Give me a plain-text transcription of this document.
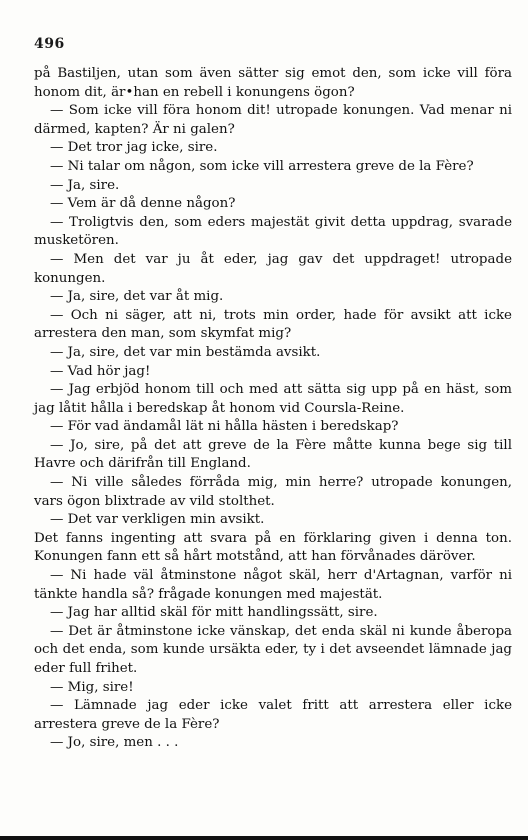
496

på Bastiljen, utan som även sätter sig emot den, som icke vill föra honom dit, är•han en rebell i konungens ögon?

— Som icke vill föra honom dit! utropade konungen. Vad menar ni därmed, kapten? Är ni galen?

— Det tror jag icke, sire.

— Ni talar om någon, som icke vill arrestera greve de la Fère?

— Ja, sire.

— Vem är då denne någon?

— Troligtvis den, som eders majestät givit detta uppdrag, svarade musketören.

— Men det var ju åt eder, jag gav det uppdraget! utropade konungen.

— Ja, sire, det var åt mig.

— Och ni säger, att ni, trots min order, hade för avsikt att icke arrestera den man, som skymfat mig?

— Ja, sire, det var min bestämda avsikt.

— Vad hör jag!

— Jag erbjöd honom till och med att sätta sig upp på en häst, som jag låtit hålla i beredskap åt honom vid Coursla-Reine.

— För vad ändamål lät ni hålla hästen i beredskap?

— Jo, sire, på det att greve de la Fère måtte kunna bege sig till Havre och därifrån till England.

— Ni ville således förråda mig, min herre? utropade konungen, vars ögon blixtrade av vild stolthet.

— Det var verkligen min avsikt.

Det fanns ingenting att svara på en förklaring given i denna ton. Konungen fann ett så hårt motstånd, att han förvånades däröver.

— Ni hade väl åtminstone något skäl, herr d'Artagnan, varför ni tänkte handla så? frågade konungen med majestät.

— Jag har alltid skäl för mitt handlingssätt, sire.

— Det är åtminstone icke vänskap, det enda skäl ni kunde åberopa och det enda, som kunde ursäkta eder, ty i det avseendet lämnade jag eder full frihet.

— Mig, sire!

— Lämnade jag eder icke valet fritt att arrestera eller icke arrestera greve de la Fère?

— Jo, sire, men . . .
